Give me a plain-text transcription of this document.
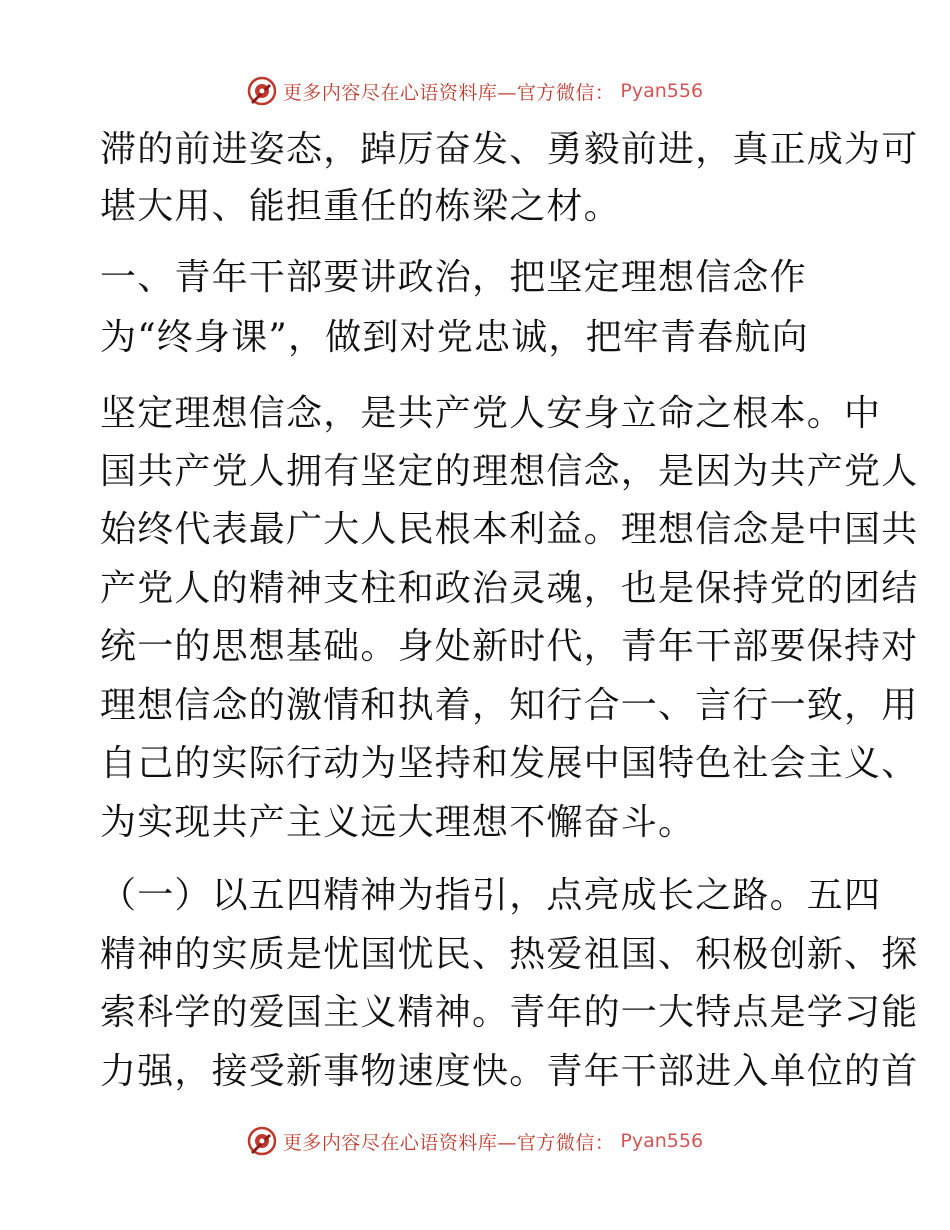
更多内容尽在心语资料库—官方微信： Pyan556
滞的前进姿态，踔厉奋发、勇毅前进，真正成为可
堪大用、能担重任的栋梁之材。
一、青年干部要讲政治，把坚定理想信念作
为“终身课”，做到对党忠诚，把牢青春航向
坚定理想信念，是共产党人安身立命之根本。中
国共产党人拥有坚定的理想信念，是因为共产党人
始终代表最广大人民根本利益。理想信念是中国共
产党人的精神支柱和政治灵魂，也是保持党的团结
统一的思想基础。身处新时代，青年干部要保持对
理想信念的激情和执着，知行合一、言行一致，用
自己的实际行动为坚持和发展中国特色社会主义、
为实现共产主义远大理想不懈奋斗。
（一）以五四精神为指引，点亮成长之路。五四
精神的实质是忧国忧民、热爱祖国、积极创新、探
索科学的爱国主义精神。青年的一大特点是学习能
力强，接受新事物速度快。青年干部进入单位的首
更多内容尽在心语资料库—官方微信： Pyan556
